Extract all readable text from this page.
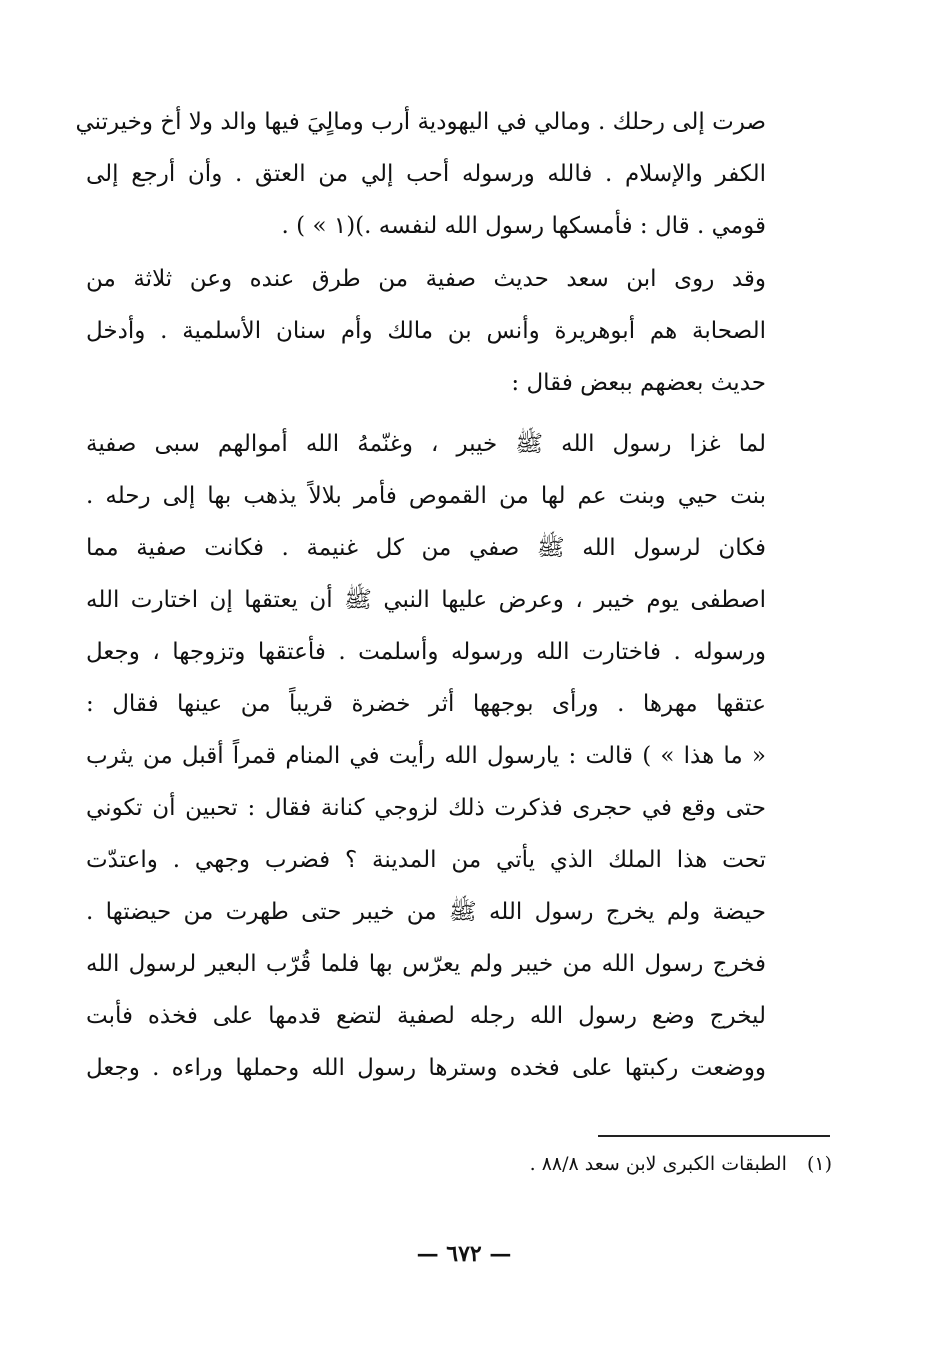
صرت إلى رحلك . ومالي في اليهودية أرب ومالٍيَ فيها والد ولا أخ وخيرتني
الكفر والإسلام . فالله ورسوله أحب إلي من العتق . وأن أرجع إلى
قومي . قال : فأمسكها رسول الله لنفسه .)(١ » ) .
وقد روى ابن سعد حديث صفية من طرق عنده وعن ثلاثة من
الصحابة هم أبوهريرة وأنس بن مالك وأم سنان الأسلمية . وأدخل
حديث بعضهم ببعض فقال :
لما غزا رسول الله ﷺ خيبر ، وغنّمهُ الله أموالهم سبى صفية
بنت حيي وبنت عم لها من القموص فأمر بلالاً يذهب بها إلى رحله .
فكان لرسول الله ﷺ صفي من كل غنيمة . فكانت صفية مما
اصطفى يوم خيبر ، وعرض عليها النبي ﷺ أن يعتقها إن اختارت الله
ورسوله . فاختارت الله ورسوله وأسلمت . فأعتقها وتزوجها ، وجعل
عتقها مهرها . ورأى بوجهها أثر خضرة قريباً من عينها فقال :
« ما هذا » ) قالت : يارسول الله رأيت في المنام قمراً أقبل من يثرب
حتى وقع في حجرى فذكرت ذلك لزوجي كنانة فقال : تحبين أن تكوني
تحت هذا الملك الذي يأتي من المدينة ؟ فضرب وجهي . واعتدّت
حيضة ولم يخرج رسول الله ﷺ من خيبر حتى طهرت من حيضتها .
فخرج رسول الله من خيبر ولم يعرّس بها فلما قُرّب البعير لرسول الله
ليخرج وضع رسول الله رجله لصفية لتضع قدمها على فخذه فأبت
ووضعت ركبتها على فخده وسترها رسول الله وحملها وراءه . وجعل
(١) الطبقات الكبرى لابن سعد ٨٨/٨ .
— ٦٧٢ —
